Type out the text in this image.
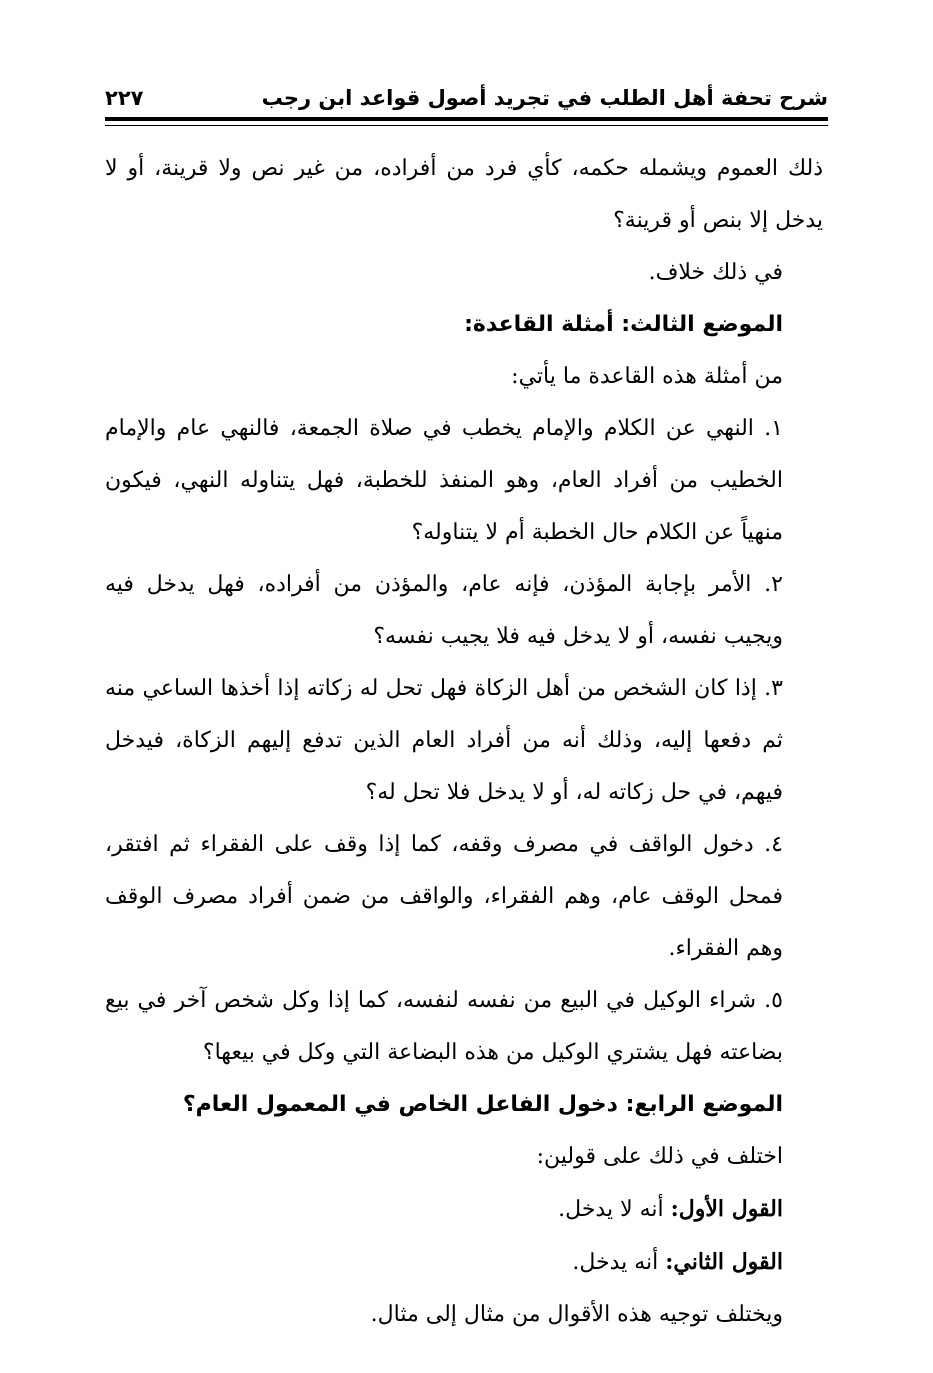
شرح تحفة أهل الطلب في تجريد أصول قواعد ابن رجب
٢٢٧

ذلك العموم ويشمله حكمه، كأي فرد من أفراده، من غير نص ولا قرينة، أو لا يدخل إلا بنص أو قرينة؟

في ذلك خلاف.

الموضع الثالث: أمثلة القاعدة:

من أمثلة هذه القاعدة ما يأتي:

١. النهي عن الكلام والإمام يخطب في صلاة الجمعة، فالنهي عام والإمام الخطيب من أفراد العام، وهو المنفذ للخطبة، فهل يتناوله النهي، فيكون منهياً عن الكلام حال الخطبة أم لا يتناوله؟

٢. الأمر بإجابة المؤذن، فإنه عام، والمؤذن من أفراده، فهل يدخل فيه ويجيب نفسه، أو لا يدخل فيه فلا يجيب نفسه؟

٣. إذا كان الشخص من أهل الزكاة فهل تحل له زكاته إذا أخذها الساعي منه ثم دفعها إليه، وذلك أنه من أفراد العام الذين تدفع إليهم الزكاة، فيدخل فيهم، في حل زكاته له، أو لا يدخل فلا تحل له؟

٤. دخول الواقف في مصرف وقفه، كما إذا وقف على الفقراء ثم افتقر، فمحل الوقف عام، وهم الفقراء، والواقف من ضمن أفراد مصرف الوقف وهم الفقراء.

٥. شراء الوكيل في البيع من نفسه لنفسه، كما إذا وكل شخص آخر في بيع بضاعته فهل يشتري الوكيل من هذه البضاعة التي وكل في بيعها؟

الموضع الرابع: دخول الفاعل الخاص في المعمول العام؟

اختلف في ذلك على قولين:

القول الأول: أنه لا يدخل.

القول الثاني: أنه يدخل.

ويختلف توجيه هذه الأقوال من مثال إلى مثال.
